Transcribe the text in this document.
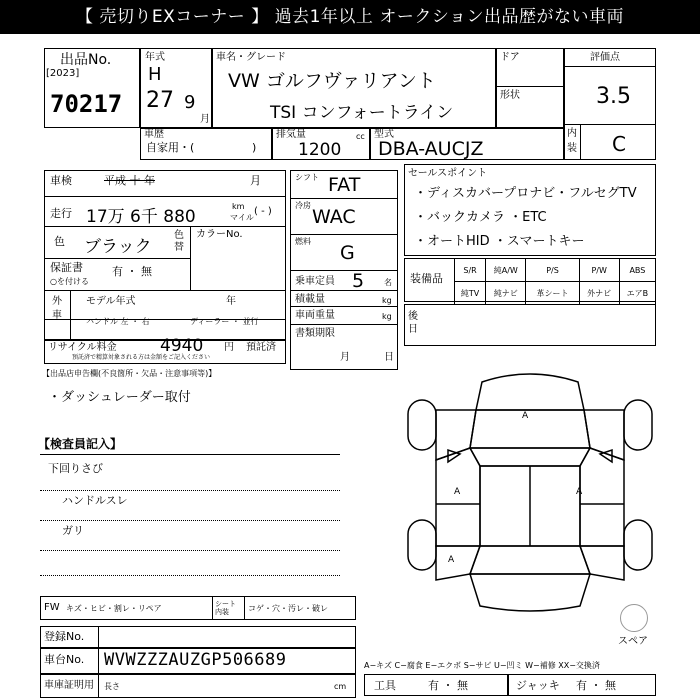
【 売切りEXコーナー 】 過去1年以上 オークション出品歴がない車両
出品No.
[2023]
70217
年式
H
27 9
月
車名・グレード
VW ゴルフヴァリアント
TSI コンフォートライン
ドア
形状
評価点
3.5
内装 C
車歴
自家用・(	)
排気量
1200
cc 型式
DBA-AUCJZ
車検	平成 十 年	月
走行 17万 6千 880
km
マイル
( - )
色 ブラック
色替
カラーNo.
保証書
○を付ける
有 ・ 無
外
車
モデル年式	年
ハンドル 左 ・ 右	ディーラー ・ 並行
リサイクル料金	4940 円 預託済
預託済で精算対象される方は金額をご記入ください
シフト FAT
冷房
WAC
燃料
G
乗車定員 5 名
積載量	kg
車両重量	kg
書類期限
月	日
セールスポイント
・ディスカバープロナビ・フルセグTV
・バックカメラ ・ETC
・オートHID ・スマートキー
装備品
S/R	純A/W	P/S	P/W	ABS
純TV	純ナビ	革シート	外ナビ	エアB
後日
【出品店申告欄(不良箇所・欠品・注意事項等)】
・ダッシュレーダー取付
【検査員記入】
下回りさび
ハンドルスレ
ガリ
FW キズ・ヒビ・割レ・リペア	シート内装	コゲ・穴・汚レ・破レ
登録No.
車台No. WVWZZZAUZGP506689
車庫証明用 長さ	cm
A
A	A
A
スペア
A−キズ C−腐食 E−エクボ S−サビ U−凹ミ W−補修 XX−交換済
工具	有 ・ 無	ジャッキ 有 ・ 無
